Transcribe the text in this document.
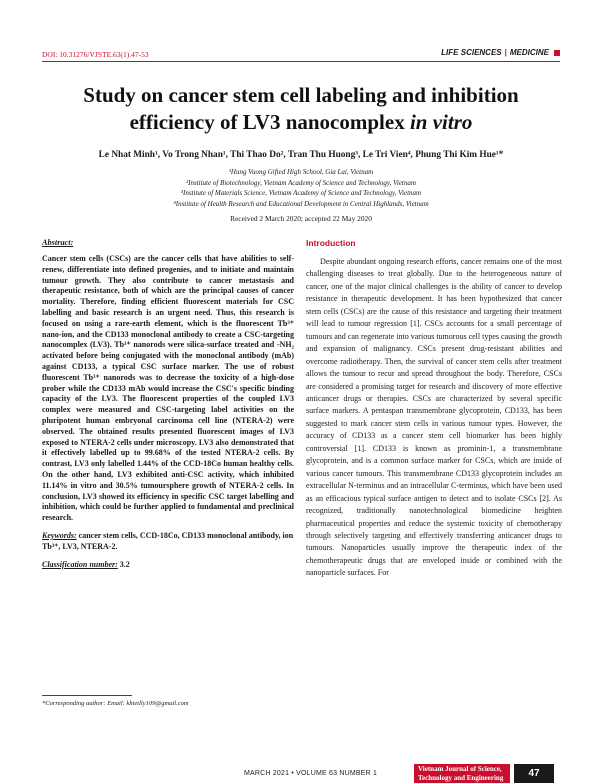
DOI: 10.31276/VJSTE.63(1).47-53	LIFE SCIENCES | MEDICINE
Study on cancer stem cell labeling and inhibition
efficiency of LV3 nanocomplex in vitro
Le Nhat Minh¹, Vo Trong Nhan¹, Thi Thao Do², Tran Thu Huong³, Le Tri Vien⁴, Phung Thi Kim Hue¹*
¹Hung Vuong Gifted High School, Gia Lai, Vietnam
²Institute of Biotechnology, Vietnam Academy of Science and Technology, Vietnam
³Institute of Materials Science, Vietnam Academy of Science and Technology, Vietnam
⁴Institute of Health Research and Educational Development in Central Highlands, Vietnam
Received 2 March 2020; accepted 22 May 2020
Abstract:

Cancer stem cells (CSCs) are the cancer cells that have abilities to self-renew, differentiate into defined progenies, and to initiate and maintain tumour growth. They also contribute to cancer metastasis and therapeutic resistance, both of which are the principal causes of cancer mortality. Therefore, finding efficient fluorescent materials for CSC labelling and basic research is an urgent need. Thus, this research is focused on using a rare-earth element, which is the fluorescent Tb³⁺ nano-ion, and the CD133 monoclonal antibody to create a CSC-targeting nanocomplex (LV3). Tb³⁺ nanorods were silica-surface treated and -NH₂ activated before being conjugated with the monoclonal antibody (mAb) against CD133, a typical CSC surface marker. The use of robust fluorescent Tb³⁺ nanorods was to decrease the toxicity of a high-dose prober while the CD133 mAb would increase the CSC's specific binding capacity of the LV3. The fluorescent properties of the coupled LV3 complex were measured and CSC-targeting label activities on the pluripotent human embryonal carcinoma cell line (NTERA-2) were observed. The obtained results presented fluorescent images of LV3 exposed to NTERA-2 cells under microscopy. LV3 also demonstrated that it effectively labelled up to 99.68% of the tested NTERA-2 cells. By contrast, LV3 only labelled 1.44% of the CCD-18Co human healthy cells. On the other hand, LV3 exhibited anti-CSC activity, which inhibited 11.14% in vitro and 30.5% tumoursphere growth of NTERA-2 cells. In conclusion, LV3 showed its efficiency in specific CSC target labelling and inhibition, which could be further applied to fundamental and preclinical research.

Keywords: cancer stem cells, CCD-18Co, CD133 monoclonal antibody, ion Tb³⁺, LV3, NTERA-2.
Classification number: 3.2
*Corresponding author: Email: khietlly109@gmail.com
Introduction

Despite abundant ongoing research efforts, cancer remains one of the most challenging diseases to treat globally. Due to the heterogeneous nature of cancer, one of the major clinical challenges is the ability of cancer to develop resistance in therapeutic development. It has been hypothesized that cancer stem cells (CSCs) are the cause of this resistance and targeting their treatment will lead to tumour regression [1]. CSCs accounts for a small percentage of tumours and can regenerate into various tumorous cell types causing the growth and expansion of malignancy. CSCs present drug-resistant abilities and overcome radiotherapy. Then, the survival of cancer stem cells after treatment allows the tumour to recur and spread throughout the body. Therefore, CSCs are considered a promising target for research and discovery of more effective anticancer drugs or therapies. CSCs are characterized by several specific surface markers. A pentaspan transmembrane glycoprotein, CD133, has been suggested to mark cancer stem cells in various tumour types. However, the accuracy of CD133 as a cancer stem cell biomarker has been highly controversial [1]. CD133 is known as prominin-1, a transmembrane glycoprotein, and is a common surface marker for CSCs, which are inside of various cancer tumours. This transmembrane CD133 glycoprotein includes an extracellular N-terminus and an intracellular C-terminus, which have been used as an efficacious typical surface antigen to detect and to isolate CSCs [2]. As recognized, traditionally nanotechnological biomedicine heighten pharmaceutical properties and reduce the systemic toxicity of chemotherapy through selectively targeting and effectively transferring anticancer drugs to tumours. Nanoparticles usually improve the therapeutic index of the chemotherapeutic drugs that are enveloped inside or combined with the nanoparticle surfaces. For

MARCH 2021 • VOLUME 63 NUMBER 1
Vietnam Journal of Science,
Technology and Engineering	47
